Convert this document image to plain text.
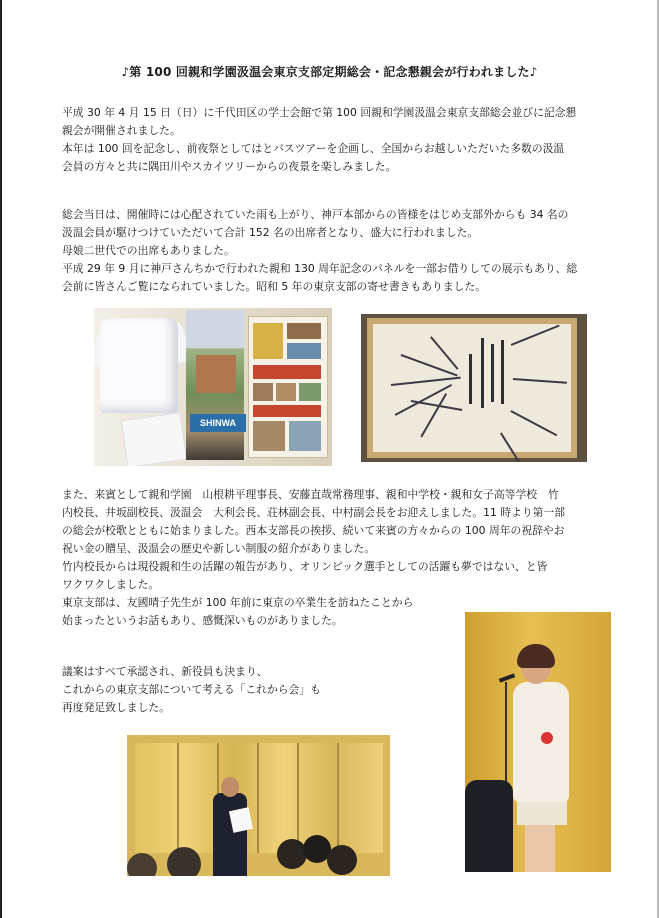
♪第 100 回親和学園汲温会東京支部定期総会・記念懇親会が行われました♪
平成 30 年 4 月 15 日（日）に千代田区の学士会館で第 100 回親和学園汲温会東京支部総会並びに記念懇
親会が開催されました。
本年は 100 回を記念し、前夜祭としてはとバスツアーを企画し、全国からお越しいただいた多数の汲温
会員の方々と共に隅田川やスカイツリーからの夜景を楽しみました。
総会当日は、開催時には心配されていた雨も上がり、神戸本部からの皆様をはじめ支部外からも 34 名の
汲温会員が駆けつけていただいて合計 152 名の出席者となり、盛大に行われました。
母娘二世代での出席もありました。
平成 29 年 9 月に神戸さんちかで行われた親和 130 周年記念のパネルを一部お借りしての展示もあり、総
会前に皆さんご覧になられていました。昭和 5 年の東京支部の寄せ書きもありました。
SHINWA
また、来賓として親和学園　山根耕平理事長、安藤直哉常務理事、親和中学校・親和女子高等学校　竹
内校長、井坂副校長、汲温会　大利会長、荘林副会長、中村副会長をお迎えしました。11 時より第一部
の総会が校歌とともに始まりました。西本支部長の挨拶、続いて来賓の方々からの 100 周年の祝辞やお
祝い金の贈呈、汲温会の歴史や新しい制服の紹介がありました。
竹内校長からは現役親和生の活躍の報告があり、オリンピック選手としての活躍も夢ではない、と皆
ワクワクしました。
東京支部は、友國晴子先生が 100 年前に東京の卒業生を訪ねたことから
始まったというお話もあり、感慨深いものがありました。
議案はすべて承認され、新役員も決まり、
これからの東京支部について考える「これから会」も
再度発足致しました。
